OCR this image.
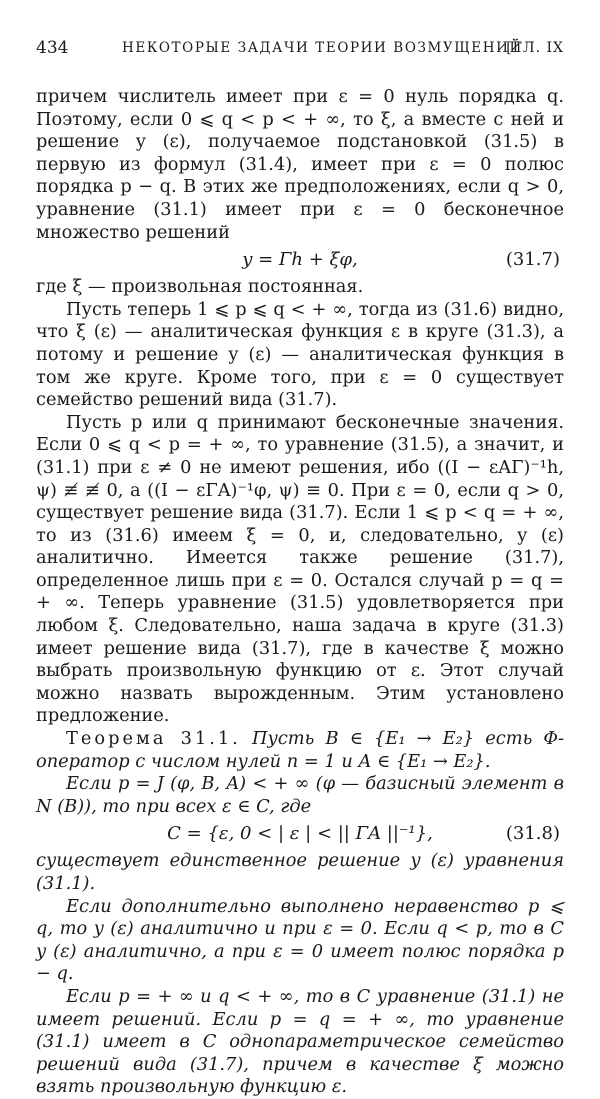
434	НЕКОТОРЫЕ ЗАДАЧИ ТЕОРИИ ВОЗМУЩЕНИЙ
[ГЛ. IX

причем числитель имеет при ε = 0 нуль порядка q. Поэтому, если 0 ⩽ q < p < + ∞, то ξ, а вместе с ней и решение y (ε), получаемое подстановкой (31.5) в первую из формул (31.4), имеет при ε = 0 полюс порядка p − q. В этих же предположениях, если q > 0, уравнение (31.1) имеет при ε = 0 бесконечное множество решений

y = Γh + ξφ,	(31.7)

где ξ — произвольная постоянная.

Пусть теперь 1 ⩽ p ⩽ q < + ∞, тогда из (31.6) видно, что ξ (ε) — аналитическая функция ε в круге (31.3), а потому и решение y (ε) — аналитическая функция в том же круге. Кроме того, при ε = 0 существует семейство решений вида (31.7).

Пусть p или q принимают бесконечные значения. Если 0 ⩽ q < p = + ∞, то уравнение (31.5), а значит, и (31.1) при ε ≠ 0 не имеют решения, ибо ((I − εAΓ)⁻¹h, ψ) ≢ ≢ 0, а ((I − εΓA)⁻¹φ, ψ) ≡ 0. При ε = 0, если q > 0, существует решение вида (31.7). Если 1 ⩽ p < q = + ∞, то из (31.6) имеем ξ = 0, и, следовательно, y (ε) аналитично. Имеется также решение (31.7), определенное лишь при ε = 0. Остался случай p = q = + ∞. Теперь уравнение (31.5) удовлетворяется при любом ξ. Следовательно, наша задача в круге (31.3) имеет решение вида (31.7), где в качестве ξ можно выбрать произвольную функцию от ε. Этот случай можно назвать вырожденным. Этим установлено предложение.

Теорема 31.1. Пусть B ∈ {E₁ → E₂} есть Φ-оператор с числом нулей n = 1 и A ∈ {E₁ → E₂}.

Если p = J (φ, B, A) < + ∞ (φ — базисный элемент в N (B)), то при всех ε ∈ C, где

C = {ε, 0 < | ε | < || ΓA ||⁻¹},	(31.8)

существует единственное решение y (ε) уравнения (31.1).

Если дополнительно выполнено неравенство p ⩽ q, то y (ε) аналитично и при ε = 0. Если q < p, то в C y (ε) аналитично, а при ε = 0 имеет полюс порядка p − q.

Если p = + ∞ и q < + ∞, то в C уравнение (31.1) не имеет решений. Если p = q = + ∞, то уравнение (31.1) имеет в C однопараметрическое семейство решений вида (31.7), причем в качестве ξ можно взять произвольную функцию ε.
